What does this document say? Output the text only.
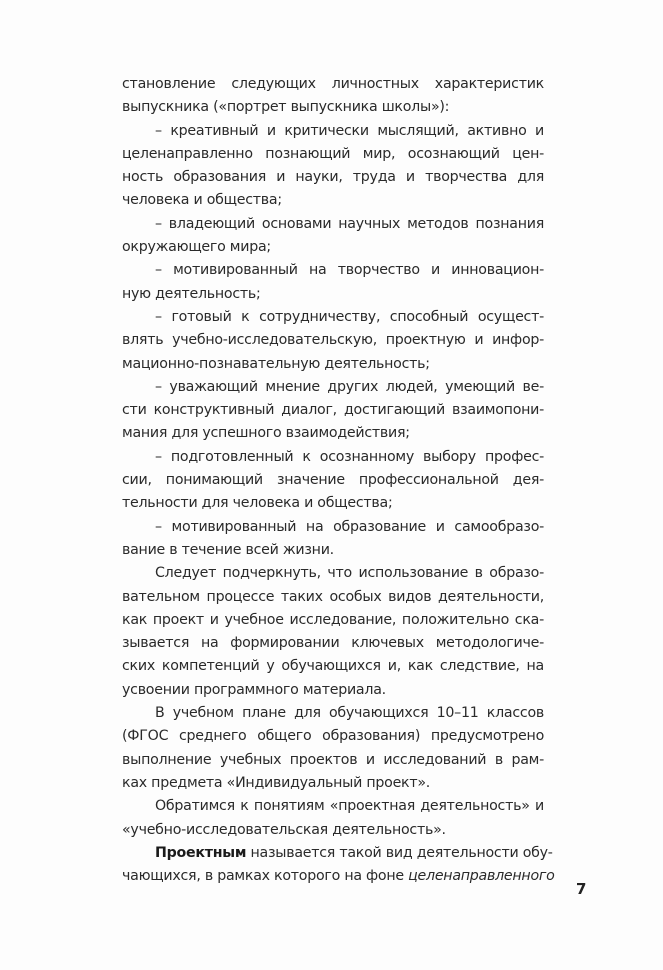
становление следующих личностных характеристик
выпускника («портрет выпускника школы»):
– креативный и критически мыслящий, активно и
целенаправленно познающий мир, осознающий цен-
ность образования и науки, труда и творчества для
человека и общества;
– владеющий основами научных методов познания
окружающего мира;
– мотивированный на творчество и инновацион-
ную деятельность;
– готовый к сотрудничеству, способный осущест-
влять учебно-исследовательскую, проектную и инфор-
мационно-познавательную деятельность;
– уважающий мнение других людей, умеющий ве-
сти конструктивный диалог, достигающий взаимопони-
мания для успешного взаимодействия;
– подготовленный к осознанному выбору профес-
сии, понимающий значение профессиональной дея-
тельности для человека и общества;
– мотивированный на образование и самообразо-
вание в течение всей жизни.
Следует подчеркнуть, что использование в образо-
вательном процессе таких особых видов деятельности,
как проект и учебное исследование, положительно ска-
зывается на формировании ключевых методологиче-
ских компетенций у обучающихся и, как следствие, на
усвоении программного материала.
В учебном плане для обучающихся 10–11 классов
(ФГОС среднего общего образования) предусмотрено
выполнение учебных проектов и исследований в рам-
ках предмета «Индивидуальный проект».
Обратимся к понятиям «проектная деятельность» и
«учебно-исследовательская деятельность».
Проектным называется такой вид деятельности обу-
чающихся, в рамках которого на фоне целенаправленного
7
